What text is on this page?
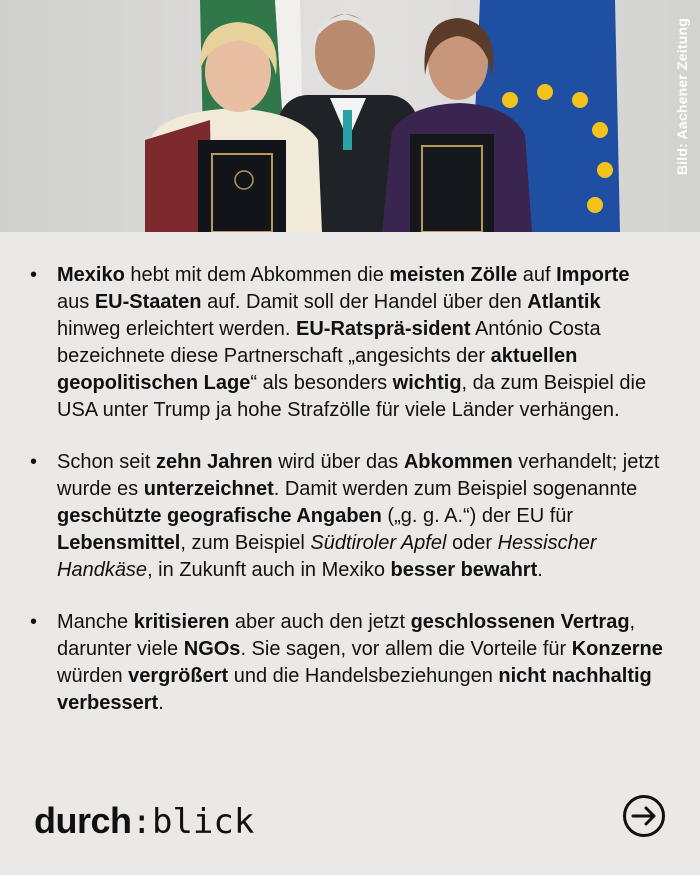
Bild: Aachener Zeitung
• Mexiko hebt mit dem Abkommen die meisten Zölle auf Importe aus EU-Staaten auf. Damit soll der Handel über den Atlantik hinweg erleichtert werden. EU-Ratsprä-sident António Costa bezeichnete diese Partnerschaft „angesichts der aktuellen geopolitischen Lage“ als besonders wichtig, da zum Beispiel die USA unter Trump ja hohe Strafzölle für viele Länder verhängen.
• Schon seit zehn Jahren wird über das Abkommen verhandelt; jetzt wurde es unterzeichnet. Damit werden zum Beispiel sogenannte geschützte geografische Angaben („g. g. A.“) der EU für Lebensmittel, zum Beispiel Südtiroler Apfel oder Hessischer Handkäse, in Zukunft auch in Mexiko besser bewahrt.
• Manche kritisieren aber auch den jetzt geschlossenen Vertrag, darunter viele NGOs. Sie sagen, vor allem die Vorteile für Konzerne würden vergrößert und die Handelsbeziehungen nicht nachhaltig verbessert.
durch:blick
